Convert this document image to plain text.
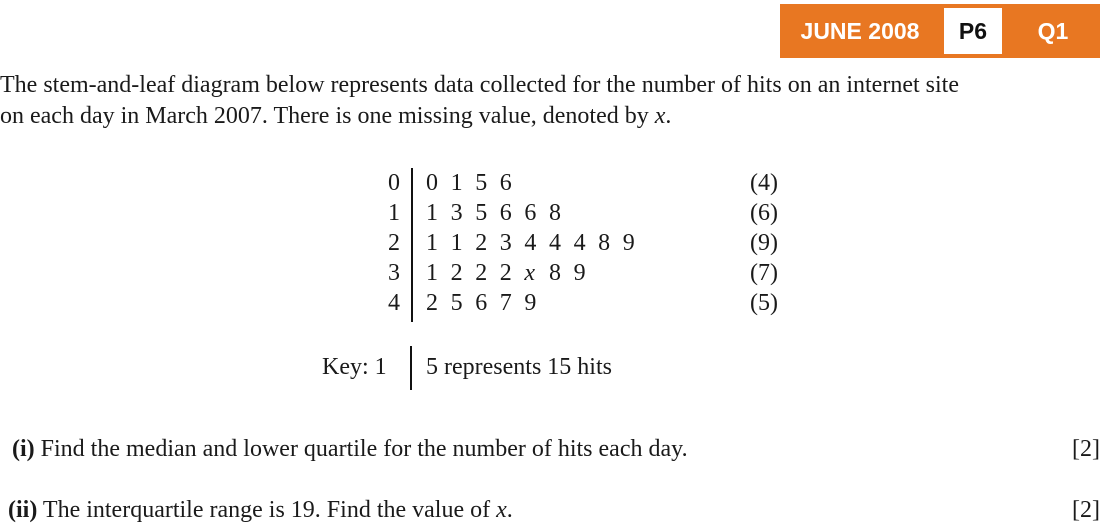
JUNE 2008	P6	Q1

The stem-and-leaf diagram below represents data collected for the number of hits on an internet site

on each day in March 2007. There is one missing value, denoted by x.

0 0 1 5 6	(4)
1 1 3 5 6 6 8	(6)
2 1 1 2 3 4 4 4 8 9	(9)
3 1 2 2 2 x 8 9	(7)
4 2 5 6 7 9	(5)
Key: 1 5 represents 15 hits
(i) Find the median and lower quartile for the number of hits each day.	[2]
(ii) The interquartile range is 19. Find the value of x.	[2]
